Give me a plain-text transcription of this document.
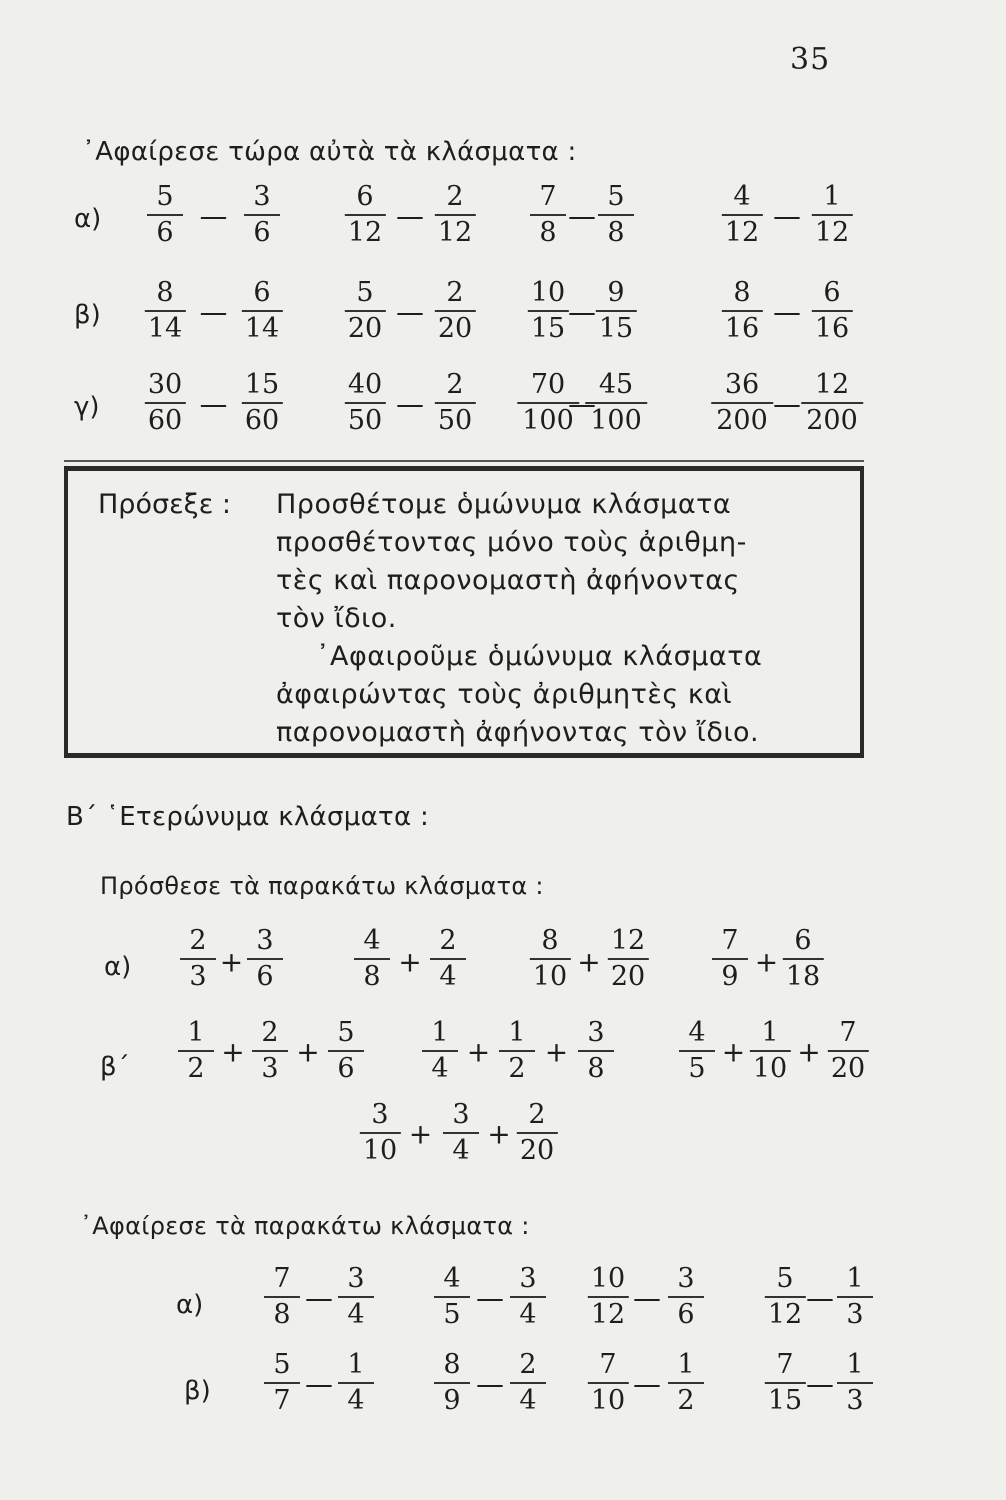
35
᾿Αφαίρεσε τώρα αὐτὰ τὰ κλάσματα :
α)
5
6
3
6
—
6
12
2
12
—
7
8
5
8
—
4
12
1
12
—
β)
8
14
6
14
—
5
20
2
20
—
10
15
9
15
—
8
16
6
16
—
γ)
30
60
15
60
—
40
50
2
50
—
70
100
45
100
—
36
200
12
200
—
Πρόσεξε : Προσθέτομε ὁμώνυμα κλάσματα
προσθέτοντας μόνο τοὺς ἀριθμη-
τὲς καὶ παρονομαστὴ ἀφήνοντας
τὸν ἴδιο.
᾿Αφαιροῦμε ὁμώνυμα κλάσματα
ἀφαιρώντας τοὺς ἀριθμητὲς καὶ
παρονομαστὴ ἀφήνοντας τὸν ἴδιο.
Β΄ ῾Ετερώνυμα κλάσματα :
Πρόσθεσε τὰ παρακάτω κλάσματα :
α)
2
3
3
6
+
4
8
2
4
+
8
10
12
20
+
7
9
6
18
+
β΄
1
2 +
2
3 +
5
6
1
4 +
1
2 +
3
8
4
5 +
1
10 +
7
20
3
10 +
3
4 +
2
20
᾿Αφαίρεσε τὰ παρακάτω κλάσματα :
α)
β)
7
8
3
4
—
4
5
3
4
—
10
12
3
6
—
5
12
1
3
—
5
7
1
4
—
8
9
2
4
—
7
10
1
2
—
7
15
1
3
—
